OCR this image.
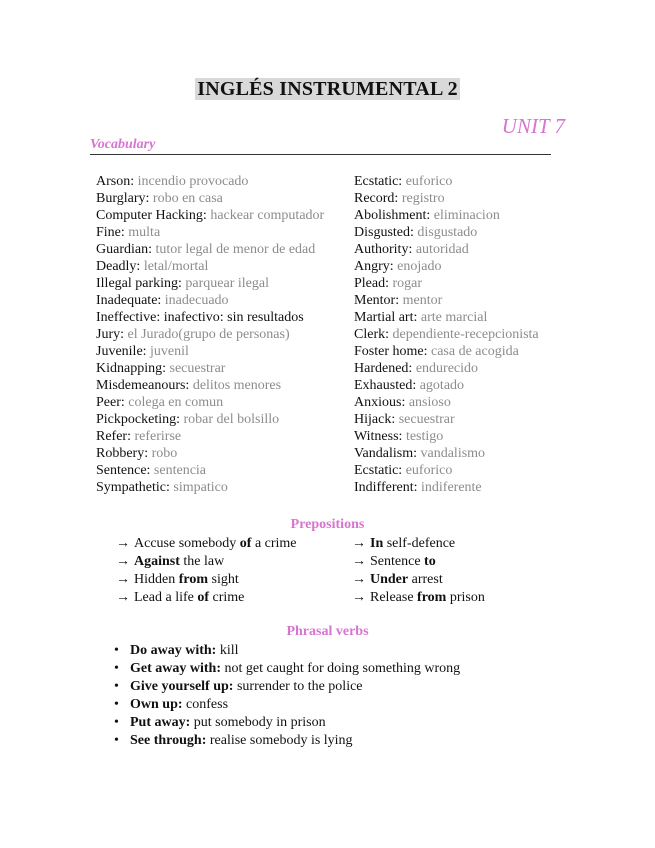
INGLÉS INSTRUMENTAL 2
UNIT 7
Vocabulary
Arson: incendio provocado
Burglary: robo en casa
Computer Hacking: hackear computador
Fine: multa
Guardian: tutor legal de menor de edad
Deadly: letal/mortal
Illegal parking: parquear ilegal
Inadequate: inadecuado
Ineffective: inafectivo: sin resultados
Jury: el Jurado(grupo de personas)
Juvenile: juvenil
Kidnapping: secuestrar
Misdemeanours: delitos menores
Peer: colega en comun
Pickpocketing: robar del bolsillo
Refer: referirse
Robbery: robo
Sentence: sentencia
Sympathetic: simpatico
Ecstatic: euforico
Record: registro
Abolishment: eliminacion
Disgusted: disgustado
Authority: autoridad
Angry: enojado
Plead: rogar
Mentor: mentor
Martial art: arte marcial
Clerk: dependiente-recepcionista
Foster home: casa de acogida
Hardened: endurecido
Exhausted: agotado
Anxious: ansioso
Hijack: secuestrar
Witness: testigo
Vandalism: vandalismo
Ecstatic: euforico
Indifferent: indiferente
Prepositions
→ Accuse somebody of a crime
→ Against the law
→ Hidden from sight
→ Lead a life of crime
→ In self-defence
→ Sentence to
→ Under arrest
→ Release from prison
Phrasal verbs
• Do away with: kill
• Get away with: not get caught for doing something wrong
• Give yourself up: surrender to the police
• Own up: confess
• Put away: put somebody in prison
• See through: realise somebody is lying
